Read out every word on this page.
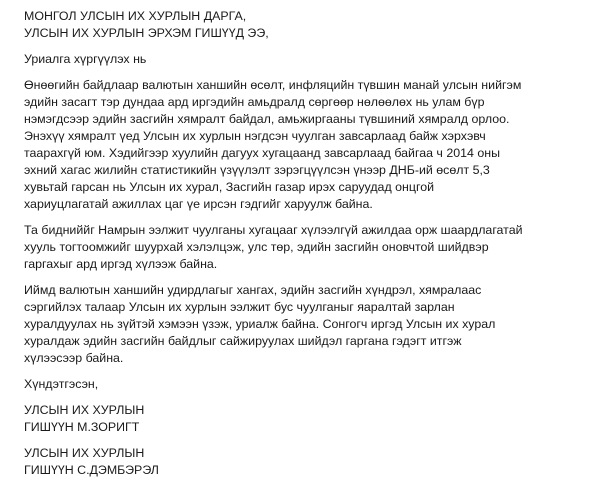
МОНГОЛ УЛСЫН ИХ ХУРЛЫН ДАРГА,
УЛСЫН ИХ ХУРЛЫН ЭРХЭМ ГИШҮҮД ЭЭ,
Уриалга хүргүүлэх нь
Өнөөгийн байдлаар валютын ханшийн өсөлт, инфляцийн түвшин манай улсын нийгэм
эдийн засагт тэр дундаа ард иргэдийн амьдралд сөргөөр нөлөөлөх нь улам бүр
нэмэгдсээр эдийн засгийн хямралт байдал, амьжиргааны түвшиний хямралд орлоо.
Энэхүү хямралт үед Улсын их хурлын нэгдсэн чуулган завсарлаад байж хэрхэвч
таарахгүй юм. Хэдийгээр хуулийн дагуух хугацаанд завсарлаад байгаа ч 2014 оны
эхний хагас жилийн статистикийн үзүүлэлт зэрэгцүүлсэн үнээр ДНБ-ий өсөлт 5,3
хувьтай гарсан нь Улсын их хурал, Засгийн газар ирэх саруудад онцгой
хариуцлагатай ажиллах цаг үе ирсэн гэдгийг харуулж байна.
Та бидниййг Намрын ээлжит чуулганы хугацааг хүлээлгүй ажилдаа орж шаардлагатай
хууль тогтоомжийг шуурхай хэлэлцэж, улс төр, эдийн засгийн оновчтой шийдвэр
гаргахыг ард иргэд хүлээж байна.
Иймд валютын ханшийн удирдлагыг хангах, эдийн засгийн хүндрэл, хямралаас
сэргийлэх талаар Улсын их хурлын ээлжит бус чуулганыг яаралтай зарлан
хуралдуулах нь зүйтэй хэмээн үзэж, уриалж байна. Сонгогч иргэд Улсын их хурал
хуралдаж эдийн засгийн байдлыг сайжируулах шийдэл гаргана гэдэгт итгэж
хүлээсээр байна.
Хүндэтгэсэн,
УЛСЫН ИХ ХУРЛЫН
ГИШҮҮН М.ЗОРИГТ
УЛСЫН ИХ ХУРЛЫН
ГИШҮҮН С.ДЭМБЭРЭЛ
